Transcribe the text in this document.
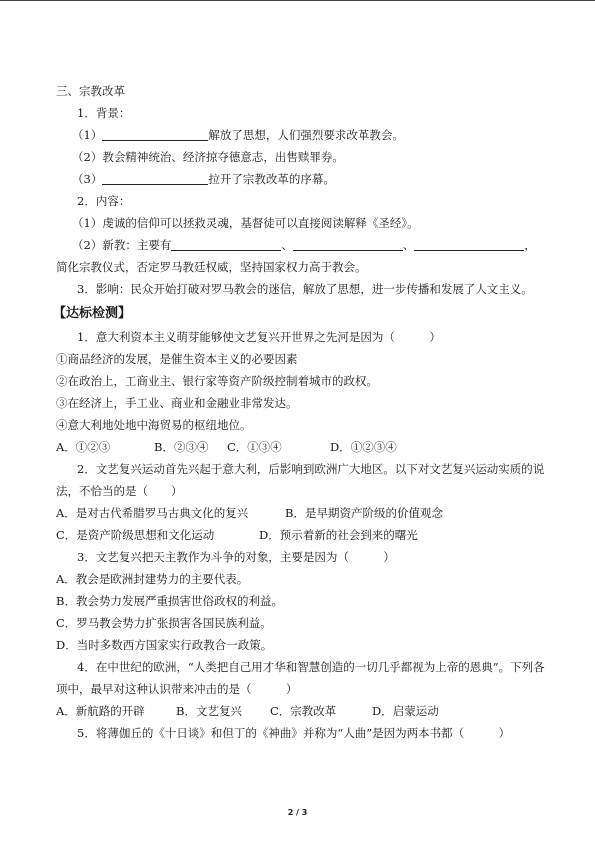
三、宗教改革
1．背景：
（1）	解放了思想，人们强烈要求改革教会。
（2）教会精神统治、经济掠夺德意志，出售赎罪券。
（3）	拉开了宗教改革的序幕。
2．内容：
（1）虔诚的信仰可以拯救灵魂，基督徒可以直接阅读解释《圣经》。
（2）新教：主要有	、	、	，
简化宗教仪式，否定罗马教廷权威，坚持国家权力高于教会。
3．影响：民众开始打破对罗马教会的迷信，解放了思想，进一步传播和发展了人文主义。
【达标检测】
1．意大利资本主义萌芽能够使文艺复兴开世界之先河是因为（　　　）
①商品经济的发展，是催生资本主义的必要因素
②在政治上，工商业主、银行家等资产阶级控制着城市的政权。
③在经济上，手工业、商业和金融业非常发达。
④意大利地处地中海贸易的枢纽地位。
A．①②③	B．②③④	C．①③④	D．①②③④
2．文艺复兴运动首先兴起于意大利，后影响到欧洲广大地区。以下对文艺复兴运动实质的说法，不恰当的是（　　）
A．是对古代希腊罗马古典文化的复兴	B．是早期资产阶级的价值观念
C．是资产阶级思想和文化运动	D．预示着新的社会到来的曙光
3．文艺复兴把天主教作为斗争的对象，主要是因为（　　　）
A．教会是欧洲封建势力的主要代表。
B．教会势力发展严重损害世俗政权的利益。
C．罗马教会势力扩张损害各国民族利益。
D．当时多数西方国家实行政教合一政策。
4．在中世纪的欧洲，“人类把自己用才华和智慧创造的一切几乎都视为上帝的恩典”。下列各项中，最早对这种认识带来冲击的是（　　　）
A．新航路的开辟	B．文艺复兴	C．宗教改革	D．启蒙运动
5．将薄伽丘的《十日谈》和但丁的《神曲》并称为“人曲”是因为两本书都（　　　）
2 / 3
